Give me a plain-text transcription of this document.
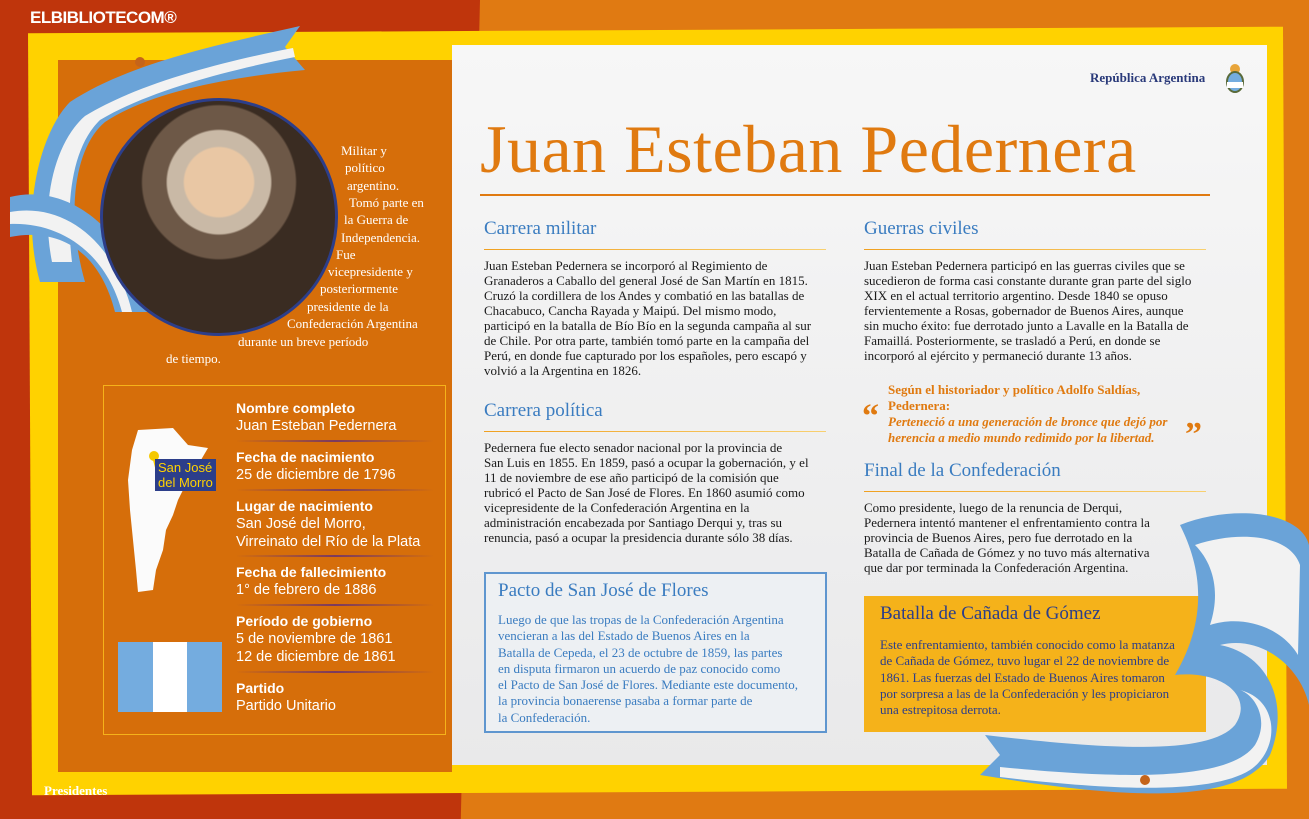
ELBIBLIOTECOM®
San José
del Morro
Presidentes
República Argentina
Juan Esteban Pedernera
Militar y
político
argentino.
Tomó parte en
la Guerra de
Independencia.
Fue
vicepresidente y
posteriormente
presidente de la
Confederación Argentina
durante un breve período
de tiempo.
Nombre completo
Juan Esteban Pedernera
Fecha de nacimiento
25 de diciembre de 1796
Lugar de nacimiento
San José del Morro,
Virreinato del Río de la Plata
Fecha de fallecimiento
1° de febrero de 1886
Período de gobierno
5 de noviembre de 1861
12 de diciembre de 1861
Partido
Partido Unitario
Carrera militar
Juan Esteban Pedernera se incorporó al Regimiento de
Granaderos a Caballo del general José de San Martín en 1815.
Cruzó la cordillera de los Andes y combatió en las batallas de
Chacabuco, Cancha Rayada y Maipú. Del mismo modo,
participó en la batalla de Bío Bío en la segunda campaña al sur
de Chile. Por otra parte, también tomó parte en la campaña del
Perú, en donde fue capturado por los españoles, pero escapó y
volvió a la Argentina en 1826.
Carrera política
Pedernera fue electo senador nacional por la provincia de
San Luis en 1855. En 1859, pasó a ocupar la gobernación, y el
11 de noviembre de ese año participó de la comisión que
rubricó el Pacto de San José de Flores. En 1860 asumió como
vicepresidente de la Confederación Argentina en la
administración encabezada por Santiago Derqui y, tras su
renuncia, pasó a ocupar la presidencia durante sólo 38 días.
Guerras civiles
Juan Esteban Pedernera participó en las guerras civiles que se
sucedieron de forma casi constante durante gran parte del siglo
XIX en el actual territorio argentino. Desde 1840 se opuso
fervientemente a Rosas, gobernador de Buenos Aires, aunque
sin mucho éxito: fue derrotado junto a Lavalle en la Batalla de
Famaillá. Posteriormente, se trasladó a Perú, en donde se
incorporó al ejército y permaneció durante 13 años.
Final de la Confederación
Como presidente, luego de la renuncia de Derqui,
Pedernera intentó mantener el enfrentamiento contra la
provincia de Buenos Aires, pero fue derrotado en la
Batalla de Cañada de Gómez y no tuvo más alternativa
que dar por terminada la Confederación Argentina.
Según el historiador y político Adolfo Saldías,
Pedernera:
Perteneció a una generación de bronce que dejó por
herencia a medio mundo redimido por la libertad.
“	”
Pacto de San José de Flores
Luego de que las tropas de la Confederación Argentina
vencieran a las del Estado de Buenos Aires en la
Batalla de Cepeda, el 23 de octubre de 1859, las partes
en disputa firmaron un acuerdo de paz conocido como
el Pacto de San José de Flores. Mediante este documento,
la provincia bonaerense pasaba a formar parte de
la Confederación.
Batalla de Cañada de Gómez
Este enfrentamiento, también conocido como la matanza
de Cañada de Gómez, tuvo lugar el 22 de noviembre de
1861. Las fuerzas del Estado de Buenos Aires tomaron
por sorpresa a las de la Confederación y les propiciaron
una estrepitosa derrota.
